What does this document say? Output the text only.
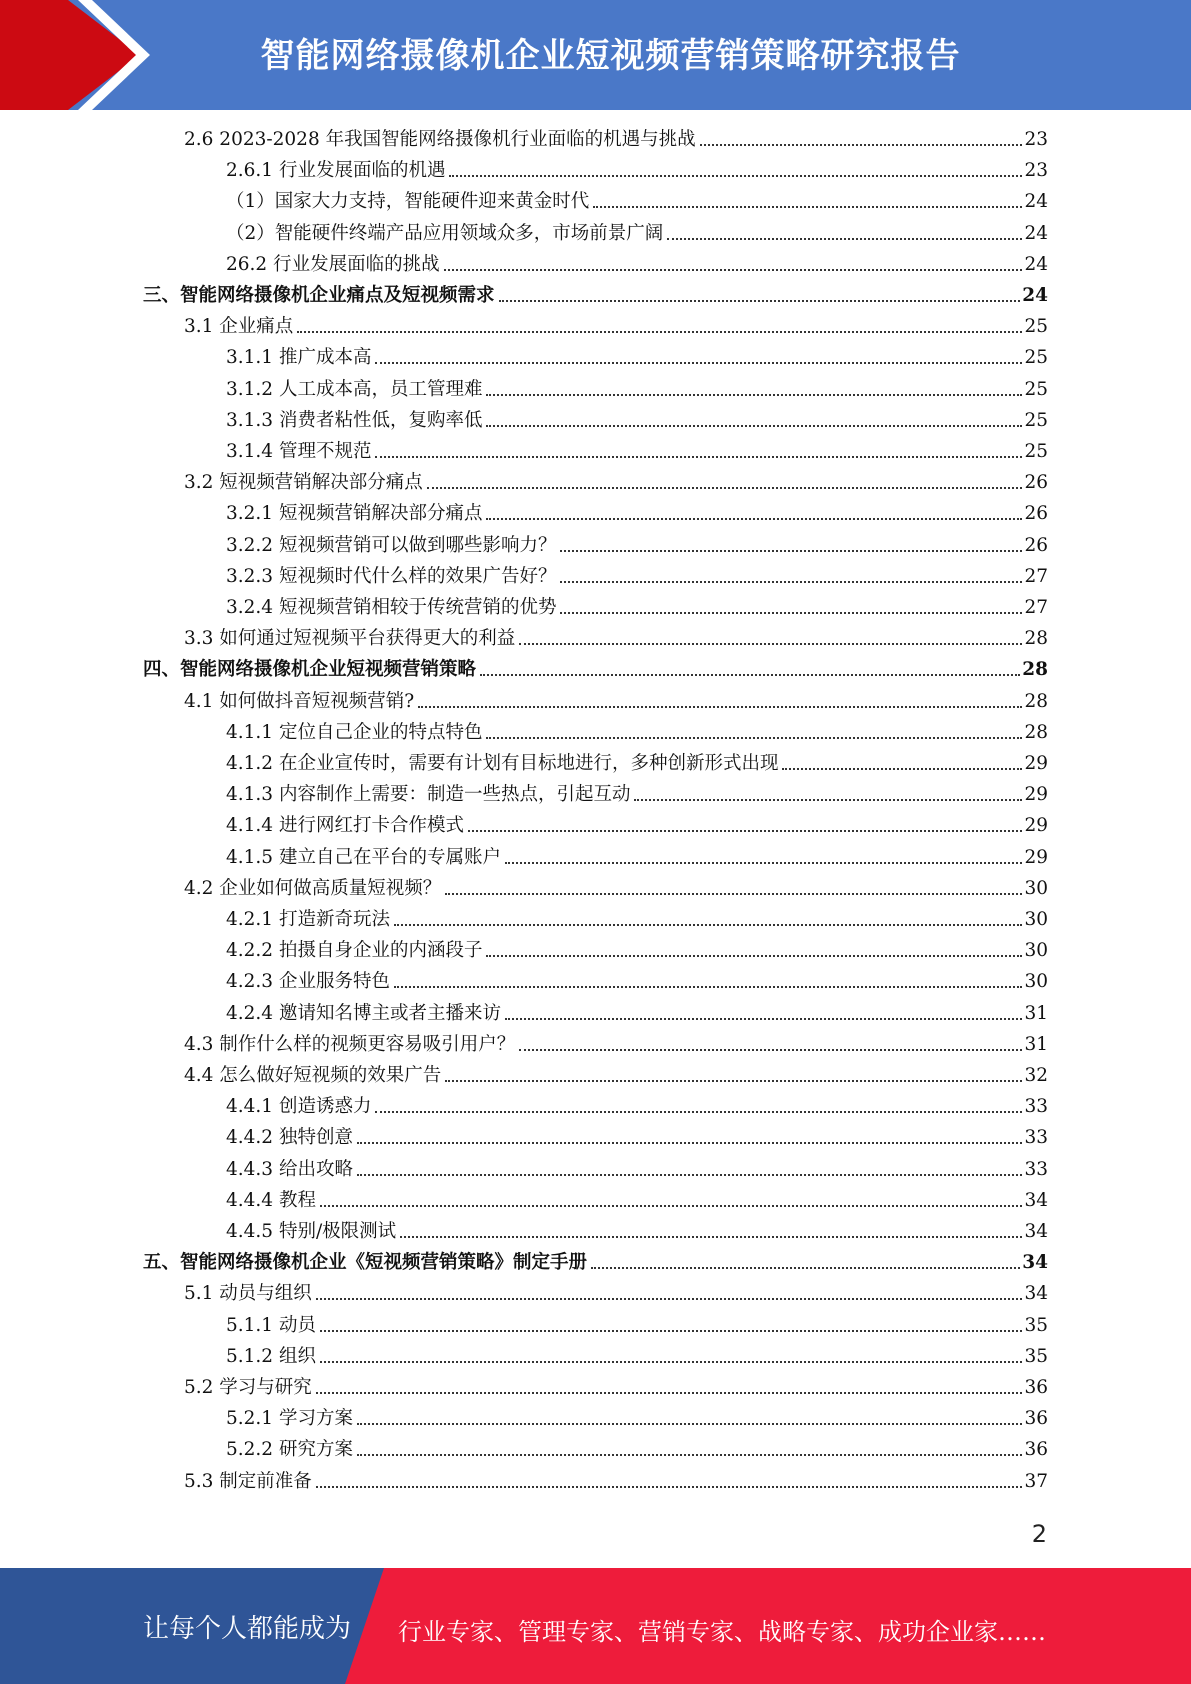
智能网络摄像机企业短视频营销策略研究报告
2.6 2023-2028 年我国智能网络摄像机行业面临的机遇与挑战	23
2.6.1 行业发展面临的机遇	23
（1）国家大力支持，智能硬件迎来黄金时代	24
（2）智能硬件终端产品应用领域众多，市场前景广阔	24
26.2 行业发展面临的挑战	24
三、智能网络摄像机企业痛点及短视频需求	24
3.1 企业痛点	25
3.1.1 推广成本高	25
3.1.2 人工成本高，员工管理难	25
3.1.3 消费者粘性低，复购率低	25
3.1.4 管理不规范	25
3.2 短视频营销解决部分痛点	26
3.2.1 短视频营销解决部分痛点	26
3.2.2 短视频营销可以做到哪些影响力？	26
3.2.3 短视频时代什么样的效果广告好？	27
3.2.4 短视频营销相较于传统营销的优势	27
3.3 如何通过短视频平台获得更大的利益	28
四、智能网络摄像机企业短视频营销策略	28
4.1 如何做抖音短视频营销?	28
4.1.1 定位自己企业的特点特色	28
4.1.2 在企业宣传时，需要有计划有目标地进行，多种创新形式出现	29
4.1.3 内容制作上需要：制造一些热点，引起互动	29
4.1.4 进行网红打卡合作模式	29
4.1.5 建立自己在平台的专属账户	29
4.2 企业如何做高质量短视频？	30
4.2.1 打造新奇玩法	30
4.2.2 拍摄自身企业的内涵段子	30
4.2.3 企业服务特色	30
4.2.4 邀请知名博主或者主播来访	31
4.3 制作什么样的视频更容易吸引用户？	31
4.4 怎么做好短视频的效果广告	32
4.4.1 创造诱惑力	33
4.4.2 独特创意	33
4.4.3 给出攻略	33
4.4.4 教程	34
4.4.5 特别/极限测试	34
五、智能网络摄像机企业《短视频营销策略》制定手册	34
5.1 动员与组织	34
5.1.1 动员	35
5.1.2 组织	35
5.2 学习与研究	36
5.2.1 学习方案	36
5.2.2 研究方案	36
5.3 制定前准备	37
2
让每个人都能成为 行业专家、管理专家、营销专家、战略专家、成功企业家……
